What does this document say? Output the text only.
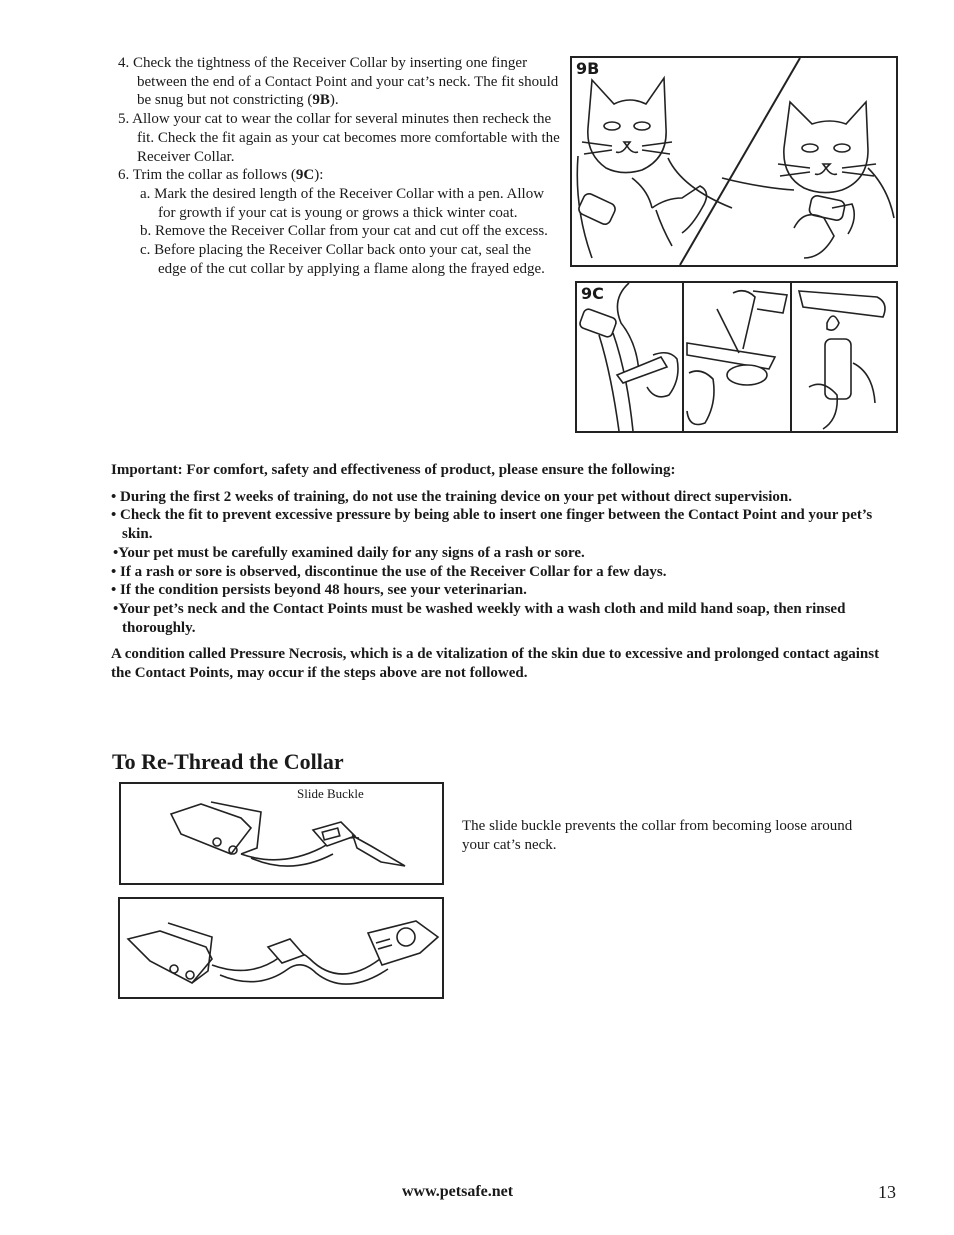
4. Check the tightness of the Receiver Collar by inserting one finger between the end of a Contact Point and your cat’s neck. The fit should be snug but not constricting (9B).

5. Allow your cat to wear the collar for several minutes then recheck the fit. Check the fit again as your cat becomes more comfortable with the Receiver Collar.

6. Trim the collar as follows (9C):

a. Mark the desired length of the Receiver Collar with a pen. Allow for growth if your cat is young or grows a thick winter coat.

b. Remove the Receiver Collar from your cat and cut off the excess.

c. Before placing the Receiver Collar back onto your cat, seal the edge of the cut collar by applying a flame along the frayed edge.

9B
9C

Important: For comfort, safety and effectiveness of product, please ensure the following:

• During the first 2 weeks of training, do not use the training device on your pet without direct supervision.

• Check the fit to prevent excessive pressure by being able to insert one finger between the Contact Point and your pet’s skin.

•Your pet must be carefully examined daily for any signs of a rash or sore.

• If a rash or sore is observed, discontinue the use of the Receiver Collar for a few days.

• If the condition persists beyond 48 hours, see your veterinarian.

•Your pet’s neck and the Contact Points must be washed weekly with a wash cloth and mild hand soap, then rinsed thoroughly.

A condition called Pressure Necrosis, which is a de vitalization of the skin due to excessive and prolonged contact against the Contact Points, may occur if the steps above are not followed.

To Re-Thread the Collar
Slide Buckle
The slide buckle prevents the collar from becoming loose around your cat’s neck.
www.petsafe.net	13
